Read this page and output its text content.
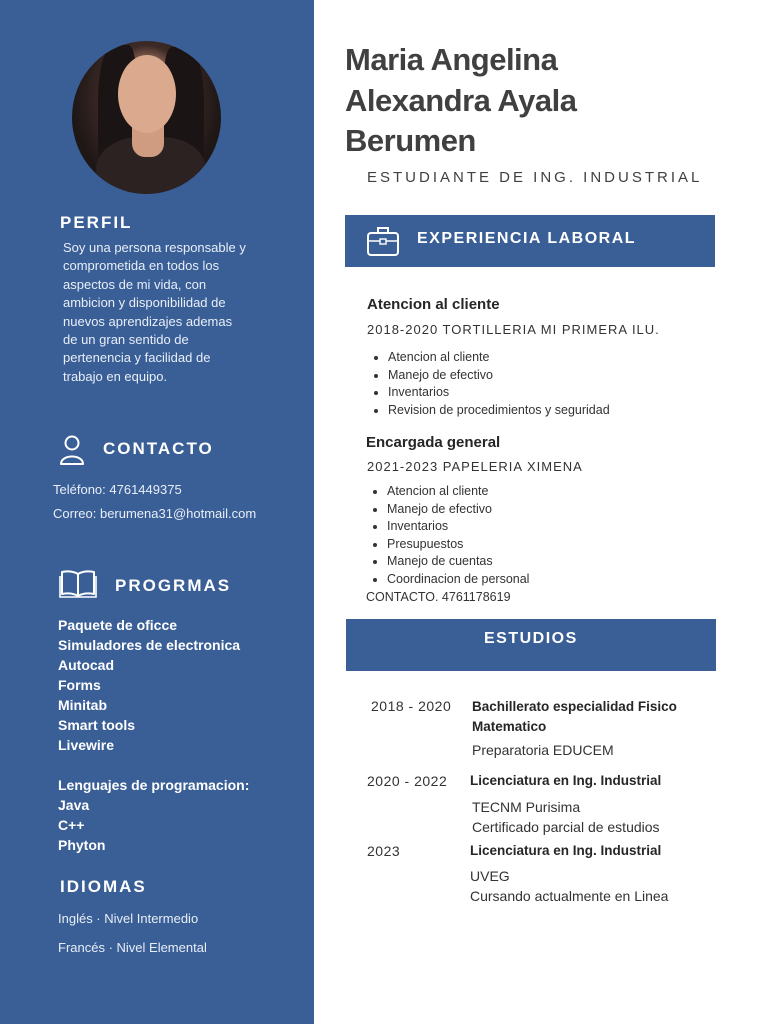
PERFIL
Soy una persona responsable y
comprometida en todos los
aspectos de mi vida, con
ambicion y disponibilidad de
nuevos aprendizajes ademas
de un gran sentido de
pertenencia y facilidad de
trabajo en equipo.
CONTACTO
Teléfono: 4761449375
Correo: berumena31@hotmail.com
PROGRMAS
Paquete de oficce
Simuladores de electronica
Autocad
Forms
Minitab
Smart tools
Livewire
Lenguajes de programacion:
Java
C++
Phyton
IDIOMAS
Inglés · Nivel Intermedio
Francés · Nivel Elemental
Maria Angelina
Alexandra Ayala
Berumen
ESTUDIANTE DE ING. INDUSTRIAL
EXPERIENCIA LABORAL
Atencion al cliente
2018-2020 TORTILLERIA MI PRIMERA ILU.
• Atencion al cliente
• Manejo de efectivo
• Inventarios
• Revision de procedimientos y seguridad
Encargada general
2021-2023 PAPELERIA XIMENA
• Atencion al cliente
• Manejo de efectivo
• Inventarios
• Presupuestos
• Manejo de cuentas
• Coordinacion de personal
CONTACTO. 4761178619
ESTUDIOS
2018 - 2020 Bachillerato especialidad Fisico Matematico
Preparatoria EDUCEM
2020 - 2022 Licenciatura en Ing. Industrial
TECNM Purisima
Certificado parcial de estudios
2023	Licenciatura en Ing. Industrial
UVEG
Cursando actualmente en Linea
